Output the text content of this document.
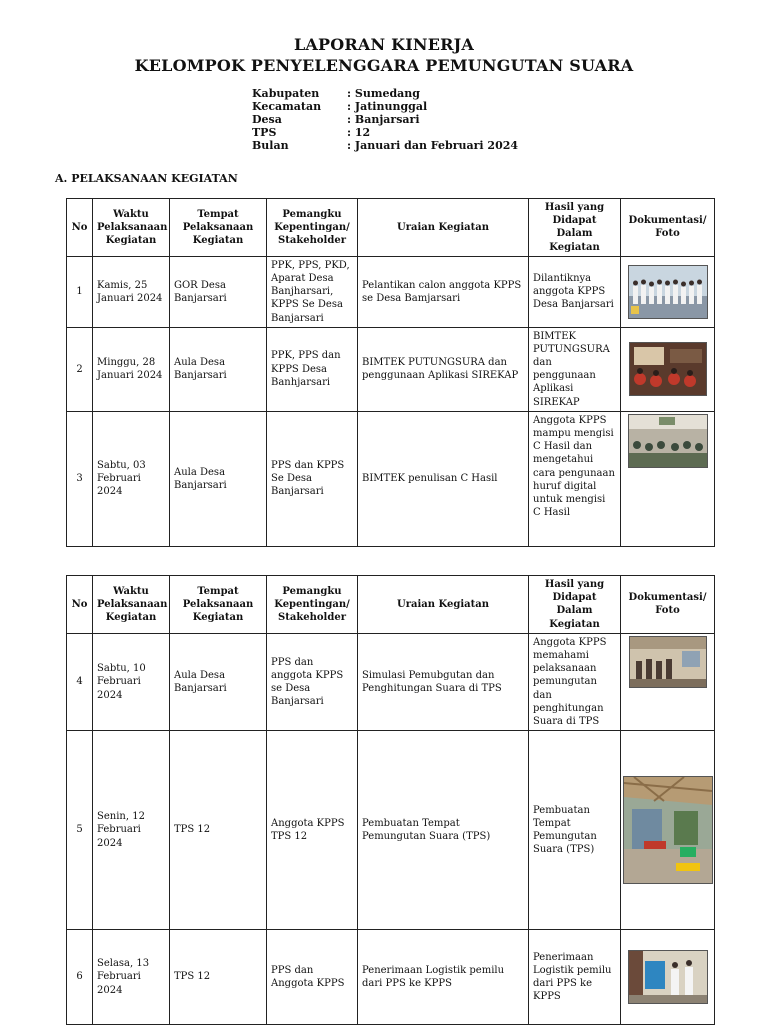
LAPORAN KINERJA
KELOMPOK PENYELENGGARA PEMUNGUTAN SUARA
Kabupaten	: Sumedang
Kecamatan : Jatinunggal
Desa	: Banjarsari
TPS	: 12
Bulan	: Januari dan Februari 2024
A. PELAKSANAAN KEGIATAN
No	Waktu Pelaksanaan Kegiatan	Tempat Pelaksanaan Kegiatan	Pemangku Kepentingan/ Stakeholder	Uraian Kegiatan	Hasil yang Didapat Dalam Kegiatan	Dokumentasi/ Foto
1	Kamis, 25 Januari 2024	GOR Desa Banjarsari	PPK, PPS, PKD, Aparat Desa Banjharsari, KPPS Se Desa Banjarsari	Pelantikan calon anggota KPPS se Desa Bamjarsari	Dilantiknya anggota KPPS Desa Banjarsari	
2	Minggu, 28 Januari 2024	Aula Desa Banjarsari	PPK, PPS dan KPPS Desa Banhjarsari	BIMTEK PUTUNGSURA dan penggunaan Aplikasi SIREKAP	BIMTEK PUTUNGSURA dan penggunaan Aplikasi SIREKAP	
3	Sabtu, 03 Februari 2024	Aula Desa Banjarsari	PPS dan KPPS Se Desa Banjarsari	BIMTEK penulisan C Hasil	Anggota KPPS mampu mengisi C Hasil dan mengetahui cara pengunaan huruf digital untuk mengisi C Hasil	
No	Waktu Pelaksanaan Kegiatan	Tempat Pelaksanaan Kegiatan	Pemangku Kepentingan/ Stakeholder	Uraian Kegiatan	Hasil yang Didapat Dalam Kegiatan	Dokumentasi/ Foto
4	Sabtu, 10 Februari 2024	Aula Desa Banjarsari	PPS dan anggota KPPS se Desa Banjarsari	Simulasi Pemubgutan dan Penghitungan Suara di TPS	Anggota KPPS memahami pelaksanaan pemungutan dan penghitungan Suara di TPS	
5	Senin, 12 Februari 2024	TPS 12	Anggota KPPS TPS 12	Pembuatan Tempat Pemungutan Suara (TPS)	Pembuatan Tempat Pemungutan Suara (TPS)	
6	Selasa, 13 Februari 2024	TPS 12	PPS dan Anggota KPPS	Penerimaan Logistik pemilu dari PPS ke KPPS	Penerimaan Logistik pemilu dari PPS ke KPPS	
